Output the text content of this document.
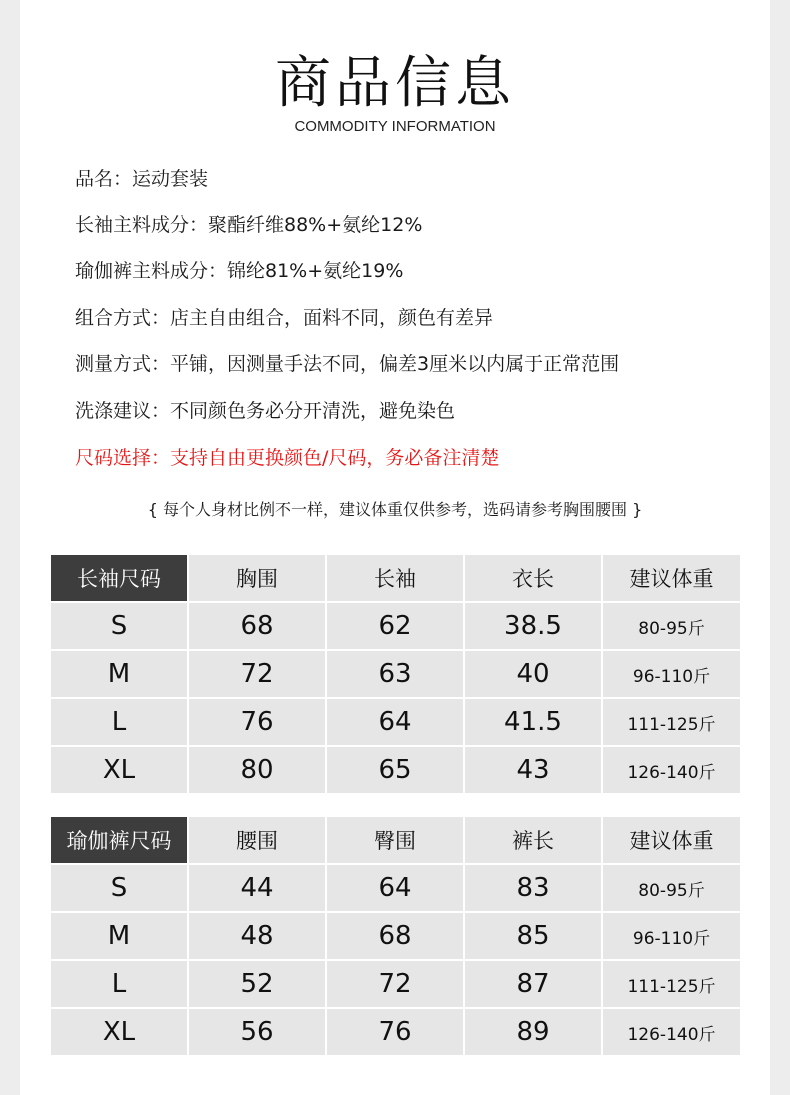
商品信息
COMMODITY INFORMATION
品名：运动套装
长袖主料成分：聚酯纤维88%+氨纶12%
瑜伽裤主料成分：锦纶81%+氨纶19%
组合方式：店主自由组合，面料不同，颜色有差异
测量方式：平铺，因测量手法不同，偏差3厘米以内属于正常范围
洗涤建议：不同颜色务必分开清洗，避免染色
尺码选择：支持自由更换颜色/尺码，务必备注清楚
{ 每个人身材比例不一样，建议体重仅供参考，选码请参考胸围腰围 }
长袖尺码	胸围	长袖	衣长	建议体重
S	68	62	38.5	80-95斤
M	72	63	40	96-110斤
L	76	64	41.5	111-125斤
XL	80	65	43	126-140斤
瑜伽裤尺码	腰围	臀围	裤长	建议体重
S	44	64	83	80-95斤
M	48	68	85	96-110斤
L	52	72	87	111-125斤
XL	56	76	89	126-140斤
